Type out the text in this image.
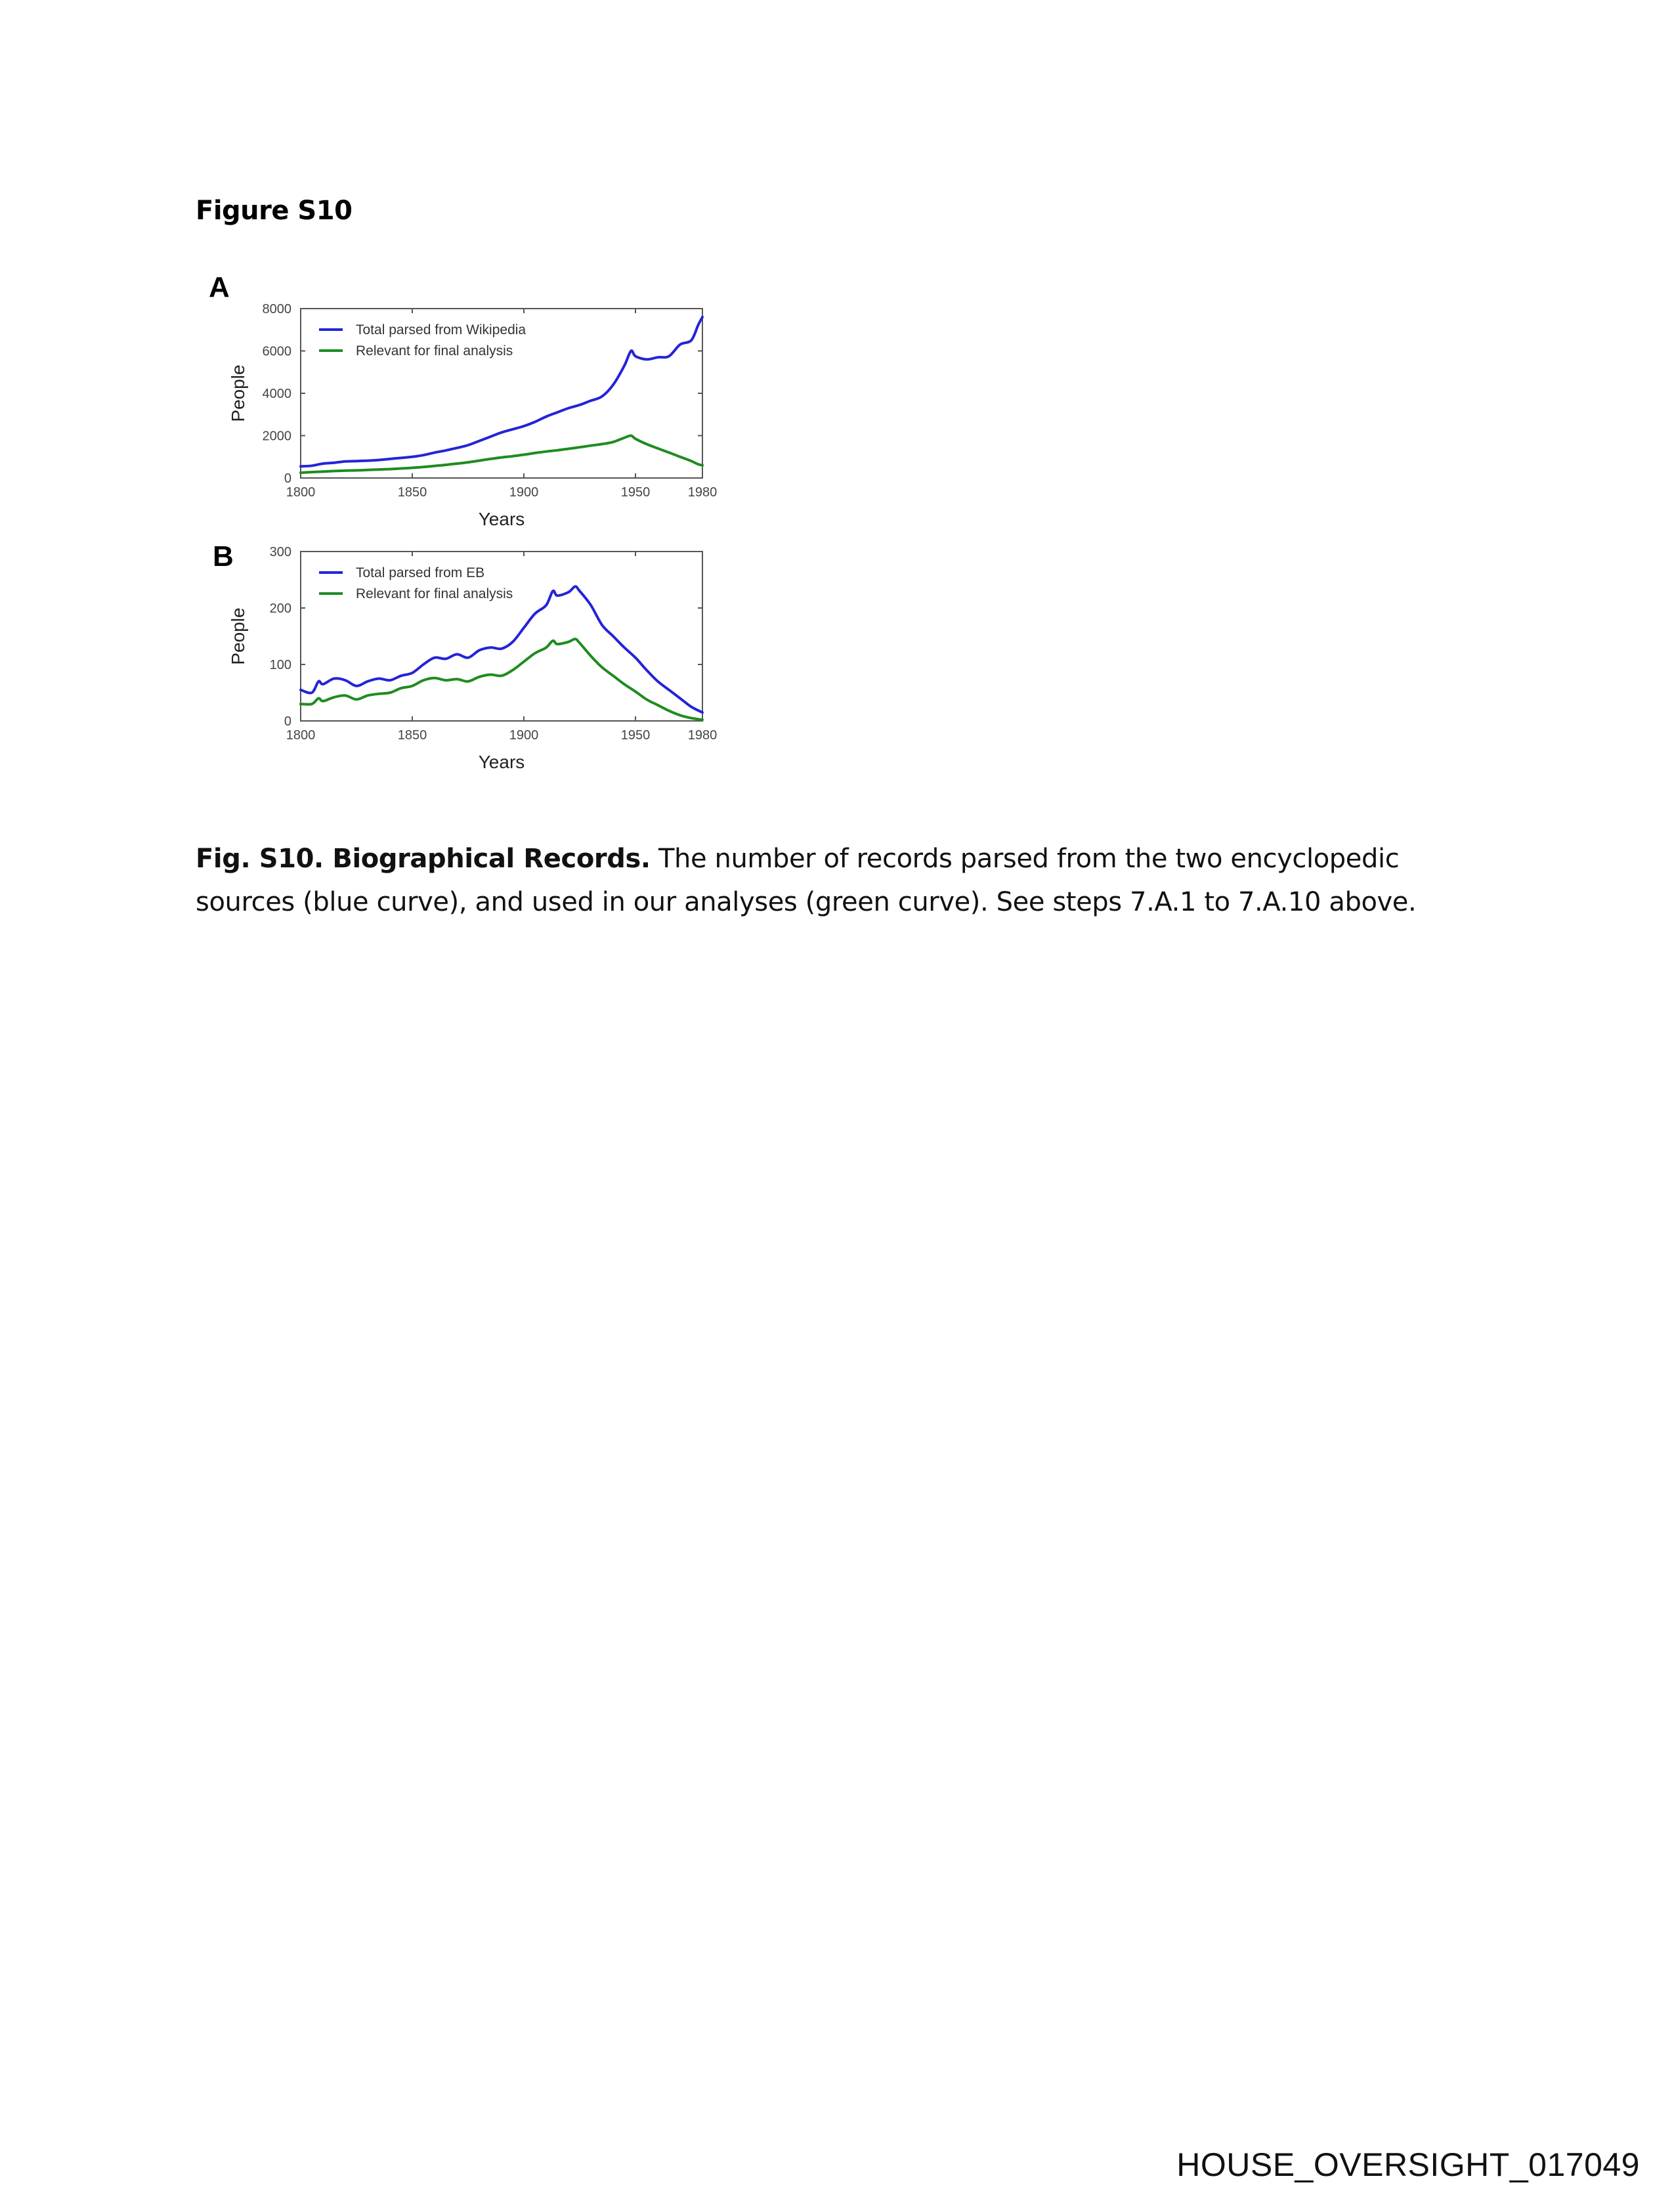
Figure S10
A
1800	1850	1900	1950	1980
0
2000
4000
6000
8000
Years
People
Total parsed from Wikipedia
Relevant for final analysis
B
1800	1850	1900	1950	1980
0
100
200
300
Years
People
Total parsed from EB
Relevant for final analysis
Fig. S10. Biographical Records. The number of records parsed from the two encyclopedic sources (blue curve), and used in our analyses (green curve). See steps 7.A.1 to 7.A.10 above.
HOUSE_OVERSIGHT_017049
